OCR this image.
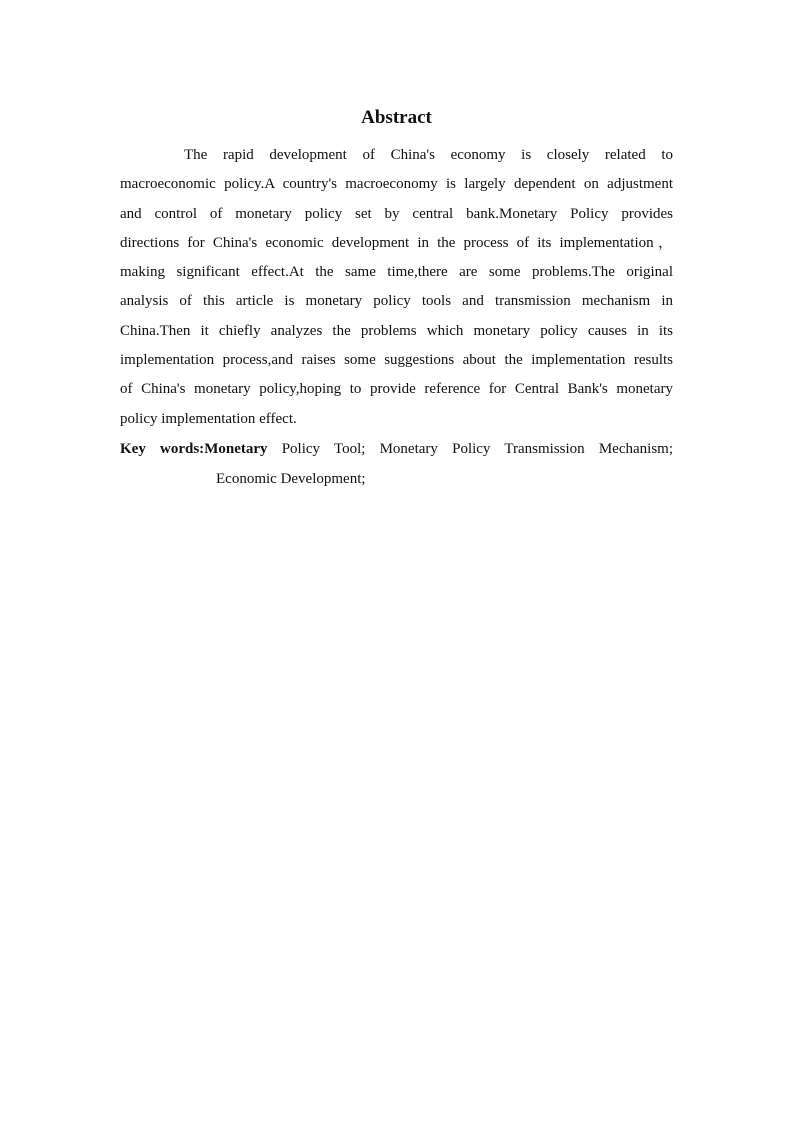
Abstract
The rapid development of China's economy is closely related to
macroeconomic policy.A country's macroeconomy is largely dependent on adjustment
and control of monetary policy set by central bank.Monetary Policy provides
directions for China's economic development in the process of its implementation，
making significant effect.At the same time,there are some problems.The original
analysis of this article is monetary policy tools and transmission mechanism in
China.Then it chiefly analyzes the problems which monetary policy causes in its
implementation process,and raises some suggestions about the implementation results
of China's monetary policy,hoping to provide reference for Central Bank's monetary
policy implementation effect.
Key words:Monetary Policy Tool; Monetary Policy Transmission Mechanism;
Economic Development;
